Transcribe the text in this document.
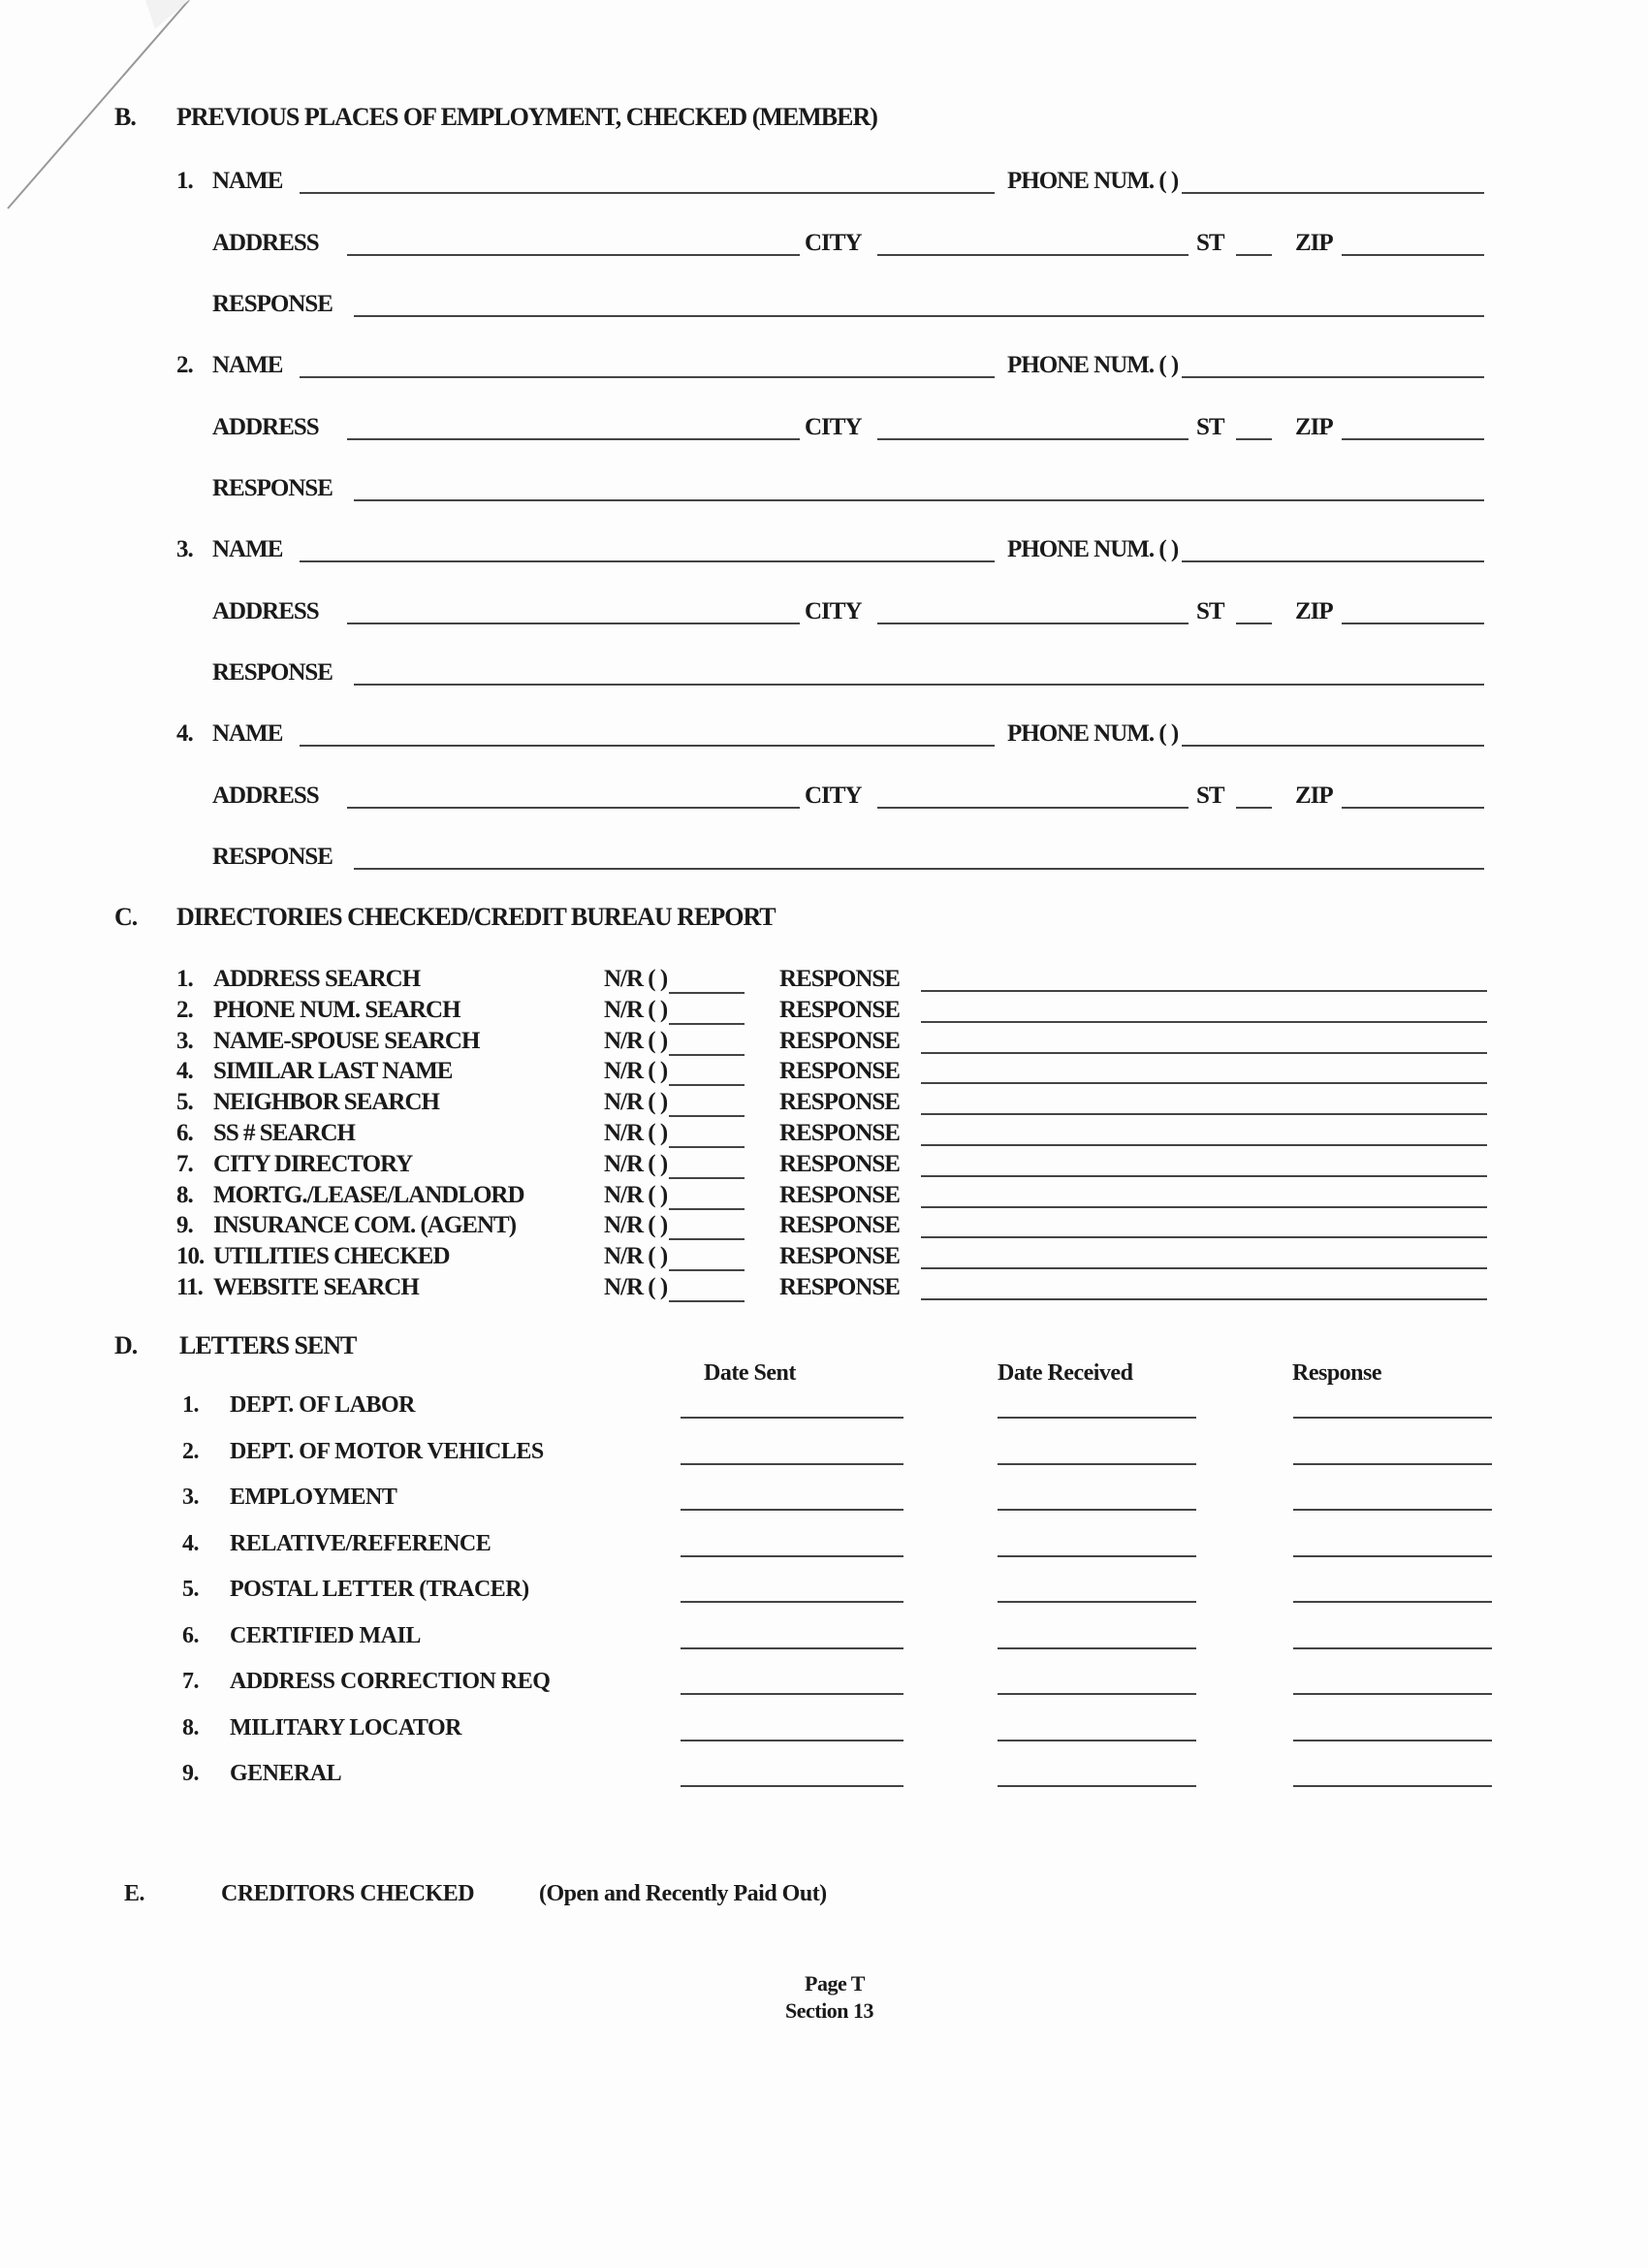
B. PREVIOUS PLACES OF EMPLOYMENT, CHECKED (MEMBER)
1. NAME	PHONE NUM. ( )
ADDRESS	CITY	ST	ZIP
RESPONSE
2. NAME	PHONE NUM. ( )
ADDRESS	CITY	ST	ZIP
RESPONSE
3. NAME	PHONE NUM. ( )
ADDRESS	CITY	ST	ZIP
RESPONSE
4. NAME	PHONE NUM. ( )
ADDRESS	CITY	ST	ZIP
RESPONSE
C. DIRECTORIES CHECKED/CREDIT BUREAU REPORT
1. ADDRESS SEARCH	N/R ( )	RESPONSE
2. PHONE NUM. SEARCH	N/R ( )	RESPONSE
3. NAME-SPOUSE SEARCH	N/R ( )	RESPONSE
4. SIMILAR LAST NAME	N/R ( )	RESPONSE
5. NEIGHBOR SEARCH	N/R ( )	RESPONSE
6. SS # SEARCH	N/R ( )	RESPONSE
7. CITY DIRECTORY	N/R ( )	RESPONSE
8. MORTG./LEASE/LANDLORD	N/R ( )	RESPONSE
9. INSURANCE COM. (AGENT)	N/R ( )	RESPONSE
10. UTILITIES CHECKED	N/R ( )	RESPONSE
11. WEBSITE SEARCH	N/R ( )	RESPONSE
D. LETTERS SENT
Date Sent	Date Received	Response
1. DEPT. OF LABOR
2. DEPT. OF MOTOR VEHICLES
3. EMPLOYMENT
4. RELATIVE/REFERENCE
5. POSTAL LETTER (TRACER)
6. CERTIFIED MAIL
7. ADDRESS CORRECTION REQ
8. MILITARY LOCATOR
9. GENERAL
E.	CREDITORS CHECKED	(Open and Recently Paid Out)
Page T
Section 13
